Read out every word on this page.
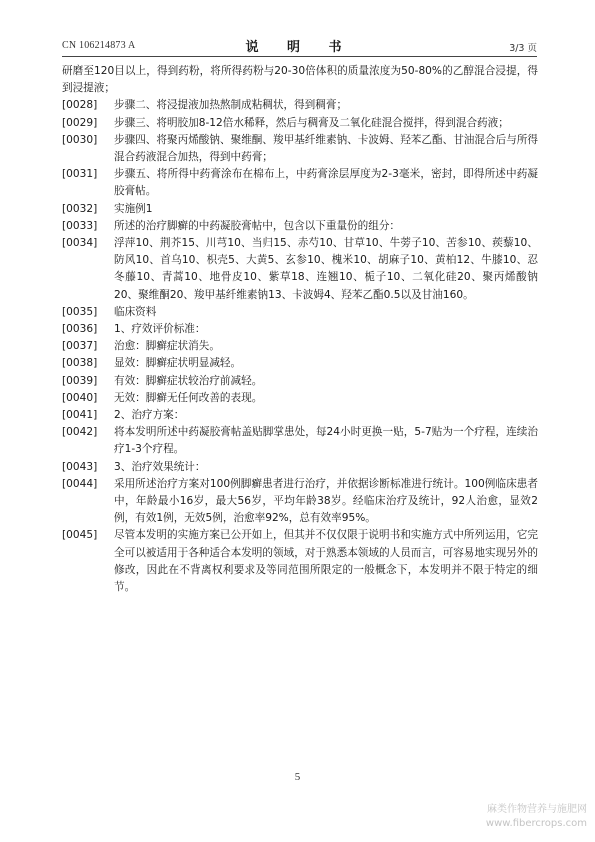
CN 106214873 A	说 明 书	3/3 页
研磨至120目以上，得到药粉，将所得药粉与20-30倍体积的质量浓度为50-80%的乙醇混合浸提，得到浸提液；
[0028]	步骤二、将浸提液加热熬制成粘稠状，得到稠膏；
[0029]	步骤三、将明胶加8-12倍水稀释，然后与稠膏及二氧化硅混合搅拌，得到混合药液；
[0030]	步骤四、将聚丙烯酸钠、聚维酮、羧甲基纤维素钠、卡波姆、羟苯乙酯、甘油混合后与所得混合药液混合加热，得到中药膏；
[0031]	步骤五、将所得中药膏涂布在棉布上，中药膏涂层厚度为2-3毫米，密封，即得所述中药凝胶膏帖。
[0032]	实施例1
[0033]	所述的治疗脚癣的中药凝胶膏帖中，包含以下重量份的组分：
[0034]	浮萍10、荆芥15、川芎10、当归15、赤芍10、甘草10、牛蒡子10、苦参10、蒺藜10、防风10、首乌10、枳壳5、大黄5、玄参10、槐米10、胡麻子10、黄柏12、牛膝10、忍冬藤10、青蒿10、地骨皮10、紫草18、连翘10、栀子10、二氧化硅20、聚丙烯酸钠20、聚维酮20、羧甲基纤维素钠13、卡波姆4、羟苯乙酯0.5以及甘油160。
[0035]	临床资料
[0036]	1、疗效评价标准：
[0037]	治愈：脚癣症状消失。
[0038]	显效：脚癣症状明显减轻。
[0039]	有效：脚癣症状较治疗前减轻。
[0040]	无效：脚癣无任何改善的表现。
[0041]	2、治疗方案：
[0042]	将本发明所述中药凝胶膏帖盖贴脚掌患处，每24小时更换一贴，5-7贴为一个疗程，连续治疗1-3个疗程。
[0043]	3、治疗效果统计：
[0044]	采用所述治疗方案对100例脚癣患者进行治疗，并依据诊断标准进行统计。100例临床患者中，年龄最小16岁，最大56岁，平均年龄38岁。经临床治疗及统计，92人治愈，显效2例，有效1例，无效5例，治愈率92%，总有效率95%。
[0045]	尽管本发明的实施方案已公开如上，但其并不仅仅限于说明书和实施方式中所列运用，它完全可以被适用于各种适合本发明的领域，对于熟悉本领域的人员而言，可容易地实现另外的修改，因此在不背离权利要求及等同范围所限定的一般概念下，本发明并不限于特定的细节。
5
麻类作物营养与施肥网
www.fibercrops.com
